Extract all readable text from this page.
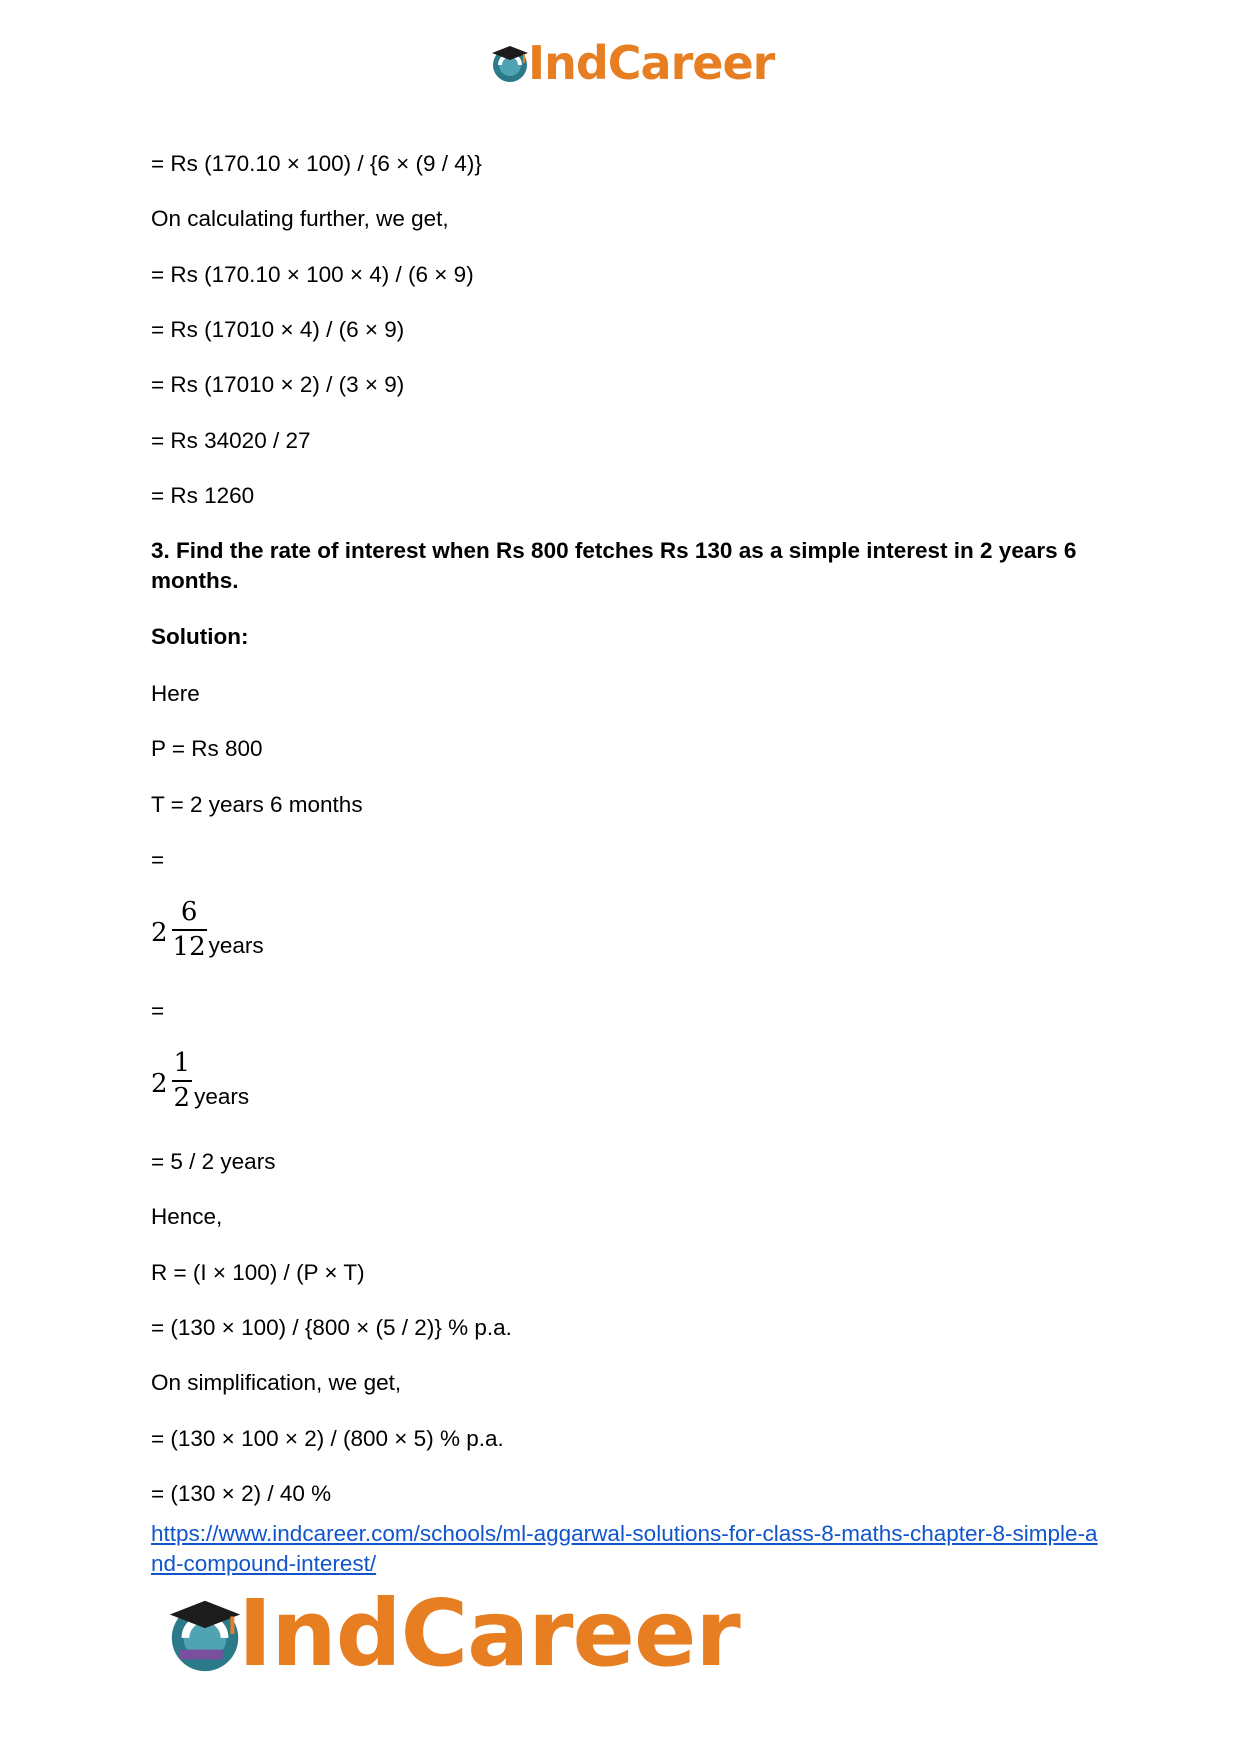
IndCareer
= Rs (170.10 × 100) / {6 × (9 / 4)}
On calculating further, we get,
= Rs (170.10 × 100 × 4) / (6 × 9)
= Rs (17010 × 4) / (6 × 9)
= Rs (17010 × 2) / (3 × 9)
= Rs 34020 / 27
= Rs 1260
3. Find the rate of interest when Rs 800 fetches Rs 130 as a simple interest in 2 years 6 months.
Solution:
Here
P = Rs 800
T = 2 years 6 months
=
$2 \frac{6}{12}$ years
=
$2 \frac{1}{2}$ years
= 5 / 2 years
Hence,
R = (I × 100) / (P × T)
= (130 × 100) / {800 × (5 / 2)} % p.a.
On simplification, we get,
= (130 × 100 × 2) / (800 × 5) % p.a.
= (130 × 2) / 40 %
https://www.indcareer.com/schools/ml-aggarwal-solutions-for-class-8-maths-chapter-8-simple-and-compound-interest/
IndCareer
